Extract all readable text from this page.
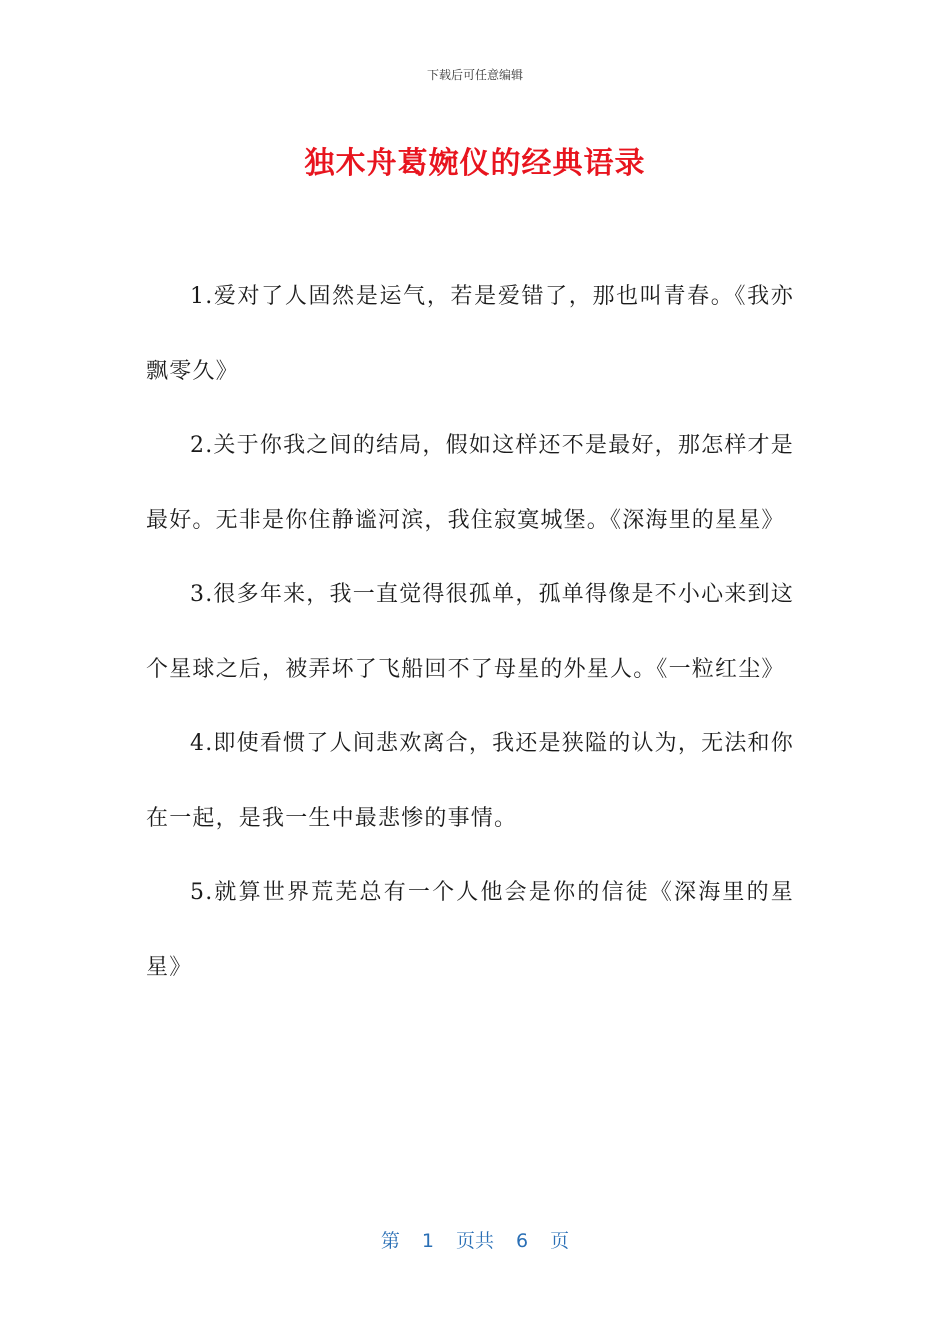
下载后可任意编辑
独木舟葛婉仪的经典语录

1.爱对了人固然是运气，若是爱错了，那也叫青春。《我亦飘零久》

2.关于你我之间的结局，假如这样还不是最好，那怎样才是最好。无非是你住静谧河滨，我住寂寞城堡。《深海里的星星》

3.很多年来，我一直觉得很孤单，孤单得像是不小心来到这个星球之后，被弄坏了飞船回不了母星的外星人。《一粒红尘》

4.即使看惯了人间悲欢离合，我还是狭隘的认为，无法和你在一起，是我一生中最悲惨的事情。

5.就算世界荒芜总有一个人他会是你的信徒《深海里的星星》

第 1 页共 6 页
